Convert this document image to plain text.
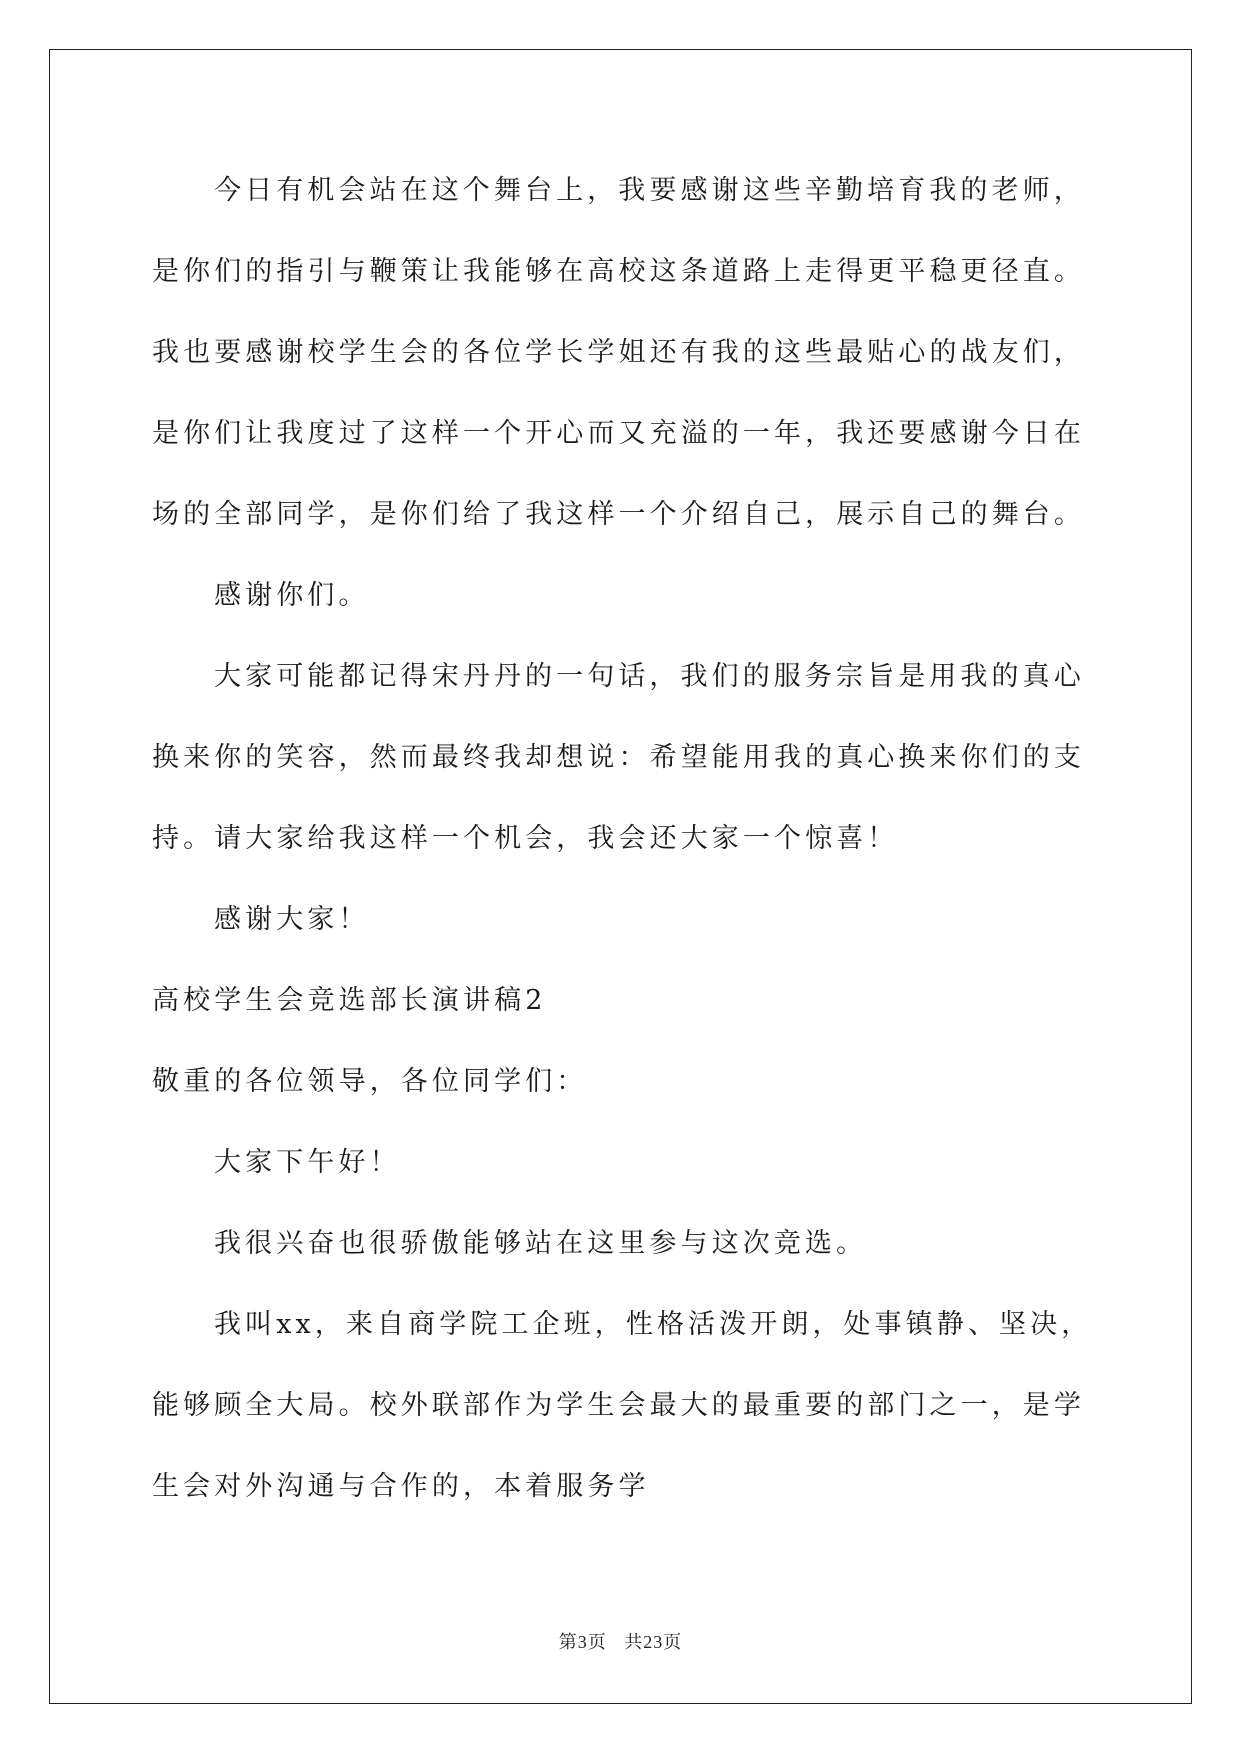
今日有机会站在这个舞台上，我要感谢这些辛勤培育我的老师，
是你们的指引与鞭策让我能够在高校这条道路上走得更平稳更径直。
我也要感谢校学生会的各位学长学姐还有我的这些最贴心的战友们，
是你们让我度过了这样一个开心而又充溢的一年，我还要感谢今日在
场的全部同学，是你们给了我这样一个介绍自己，展示自己的舞台。
感谢你们。
大家可能都记得宋丹丹的一句话，我们的服务宗旨是用我的真心
换来你的笑容，然而最终我却想说：希望能用我的真心换来你们的支
持。请大家给我这样一个机会，我会还大家一个惊喜！
感谢大家！
高校学生会竞选部长演讲稿2
敬重的各位领导，各位同学们：
大家下午好！
我很兴奋也很骄傲能够站在这里参与这次竞选。
我叫xx，来自商学院工企班，性格活泼开朗，处事镇静、坚决，
能够顾全大局。校外联部作为学生会最大的最重要的部门之一，是学
生会对外沟通与合作的，本着服务学
第3页 共23页
